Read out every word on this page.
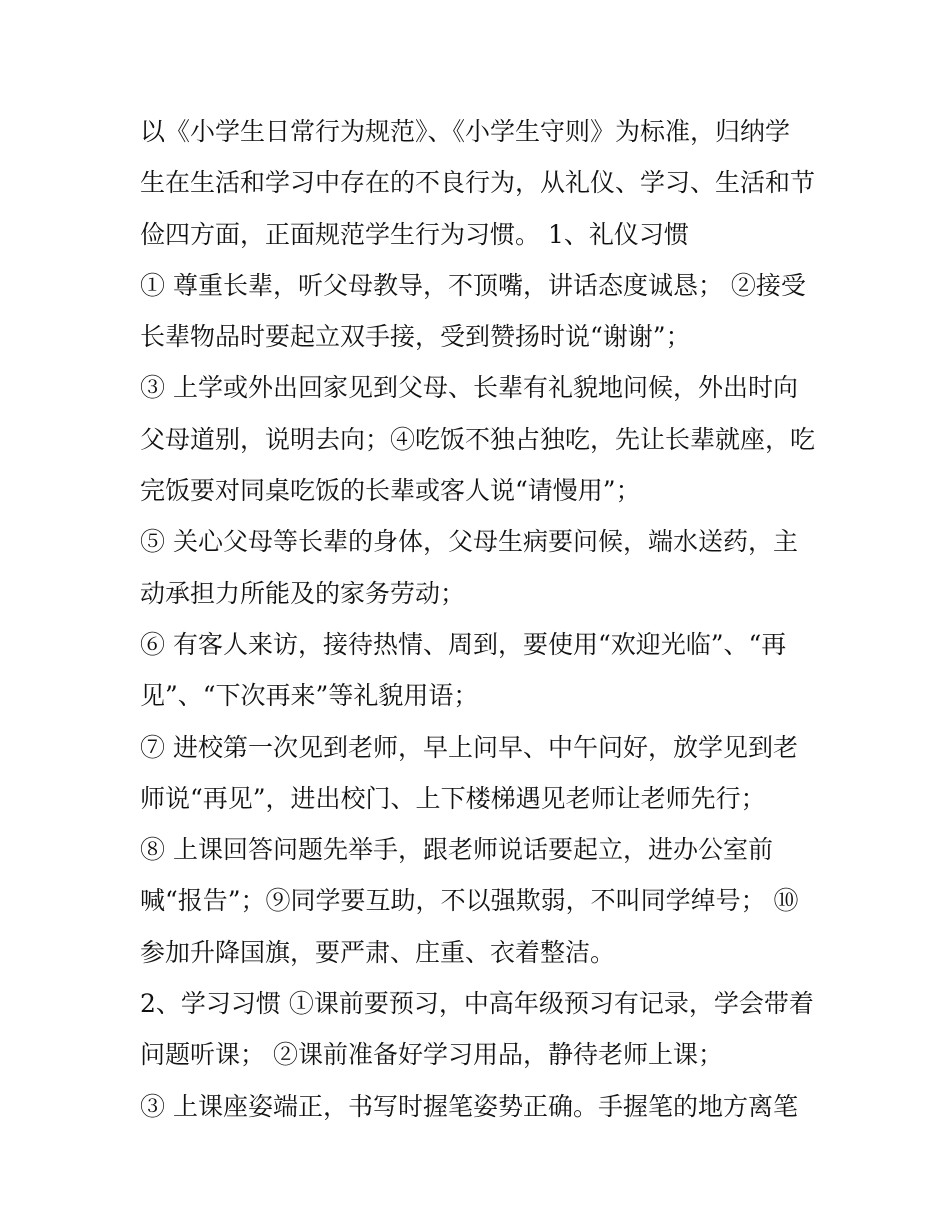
以《小学生日常行为规范》、《小学生守则》为标准，归纳学
生在生活和学习中存在的不良行为，从礼仪、学习、生活和节
俭四方面，正面规范学生行为习惯。 1、礼仪习惯
① 尊重长辈，听父母教导，不顶嘴，讲话态度诚恳； ②接受
长辈物品时要起立双手接，受到赞扬时说“谢谢”；
③ 上学或外出回家见到父母、长辈有礼貌地问候，外出时向
父母道别，说明去向；④吃饭不独占独吃，先让长辈就座，吃
完饭要对同桌吃饭的长辈或客人说“请慢用”；
⑤ 关心父母等长辈的身体，父母生病要问候，端水送药，主
动承担力所能及的家务劳动；
⑥ 有客人来访，接待热情、周到，要使用“欢迎光临”、“再
见”、“下次再来”等礼貌用语；
⑦ 进校第一次见到老师，早上问早、中午问好，放学见到老
师说“再见”，进出校门、上下楼梯遇见老师让老师先行；
⑧ 上课回答问题先举手，跟老师说话要起立，进办公室前
喊“报告”；⑨同学要互助，不以强欺弱，不叫同学绰号； ⑩
参加升降国旗，要严肃、庄重、衣着整洁。
2、学习习惯 ①课前要预习，中高年级预习有记录，学会带着
问题听课； ②课前准备好学习用品，静待老师上课；
③ 上课座姿端正，书写时握笔姿势正确。手握笔的地方离笔
